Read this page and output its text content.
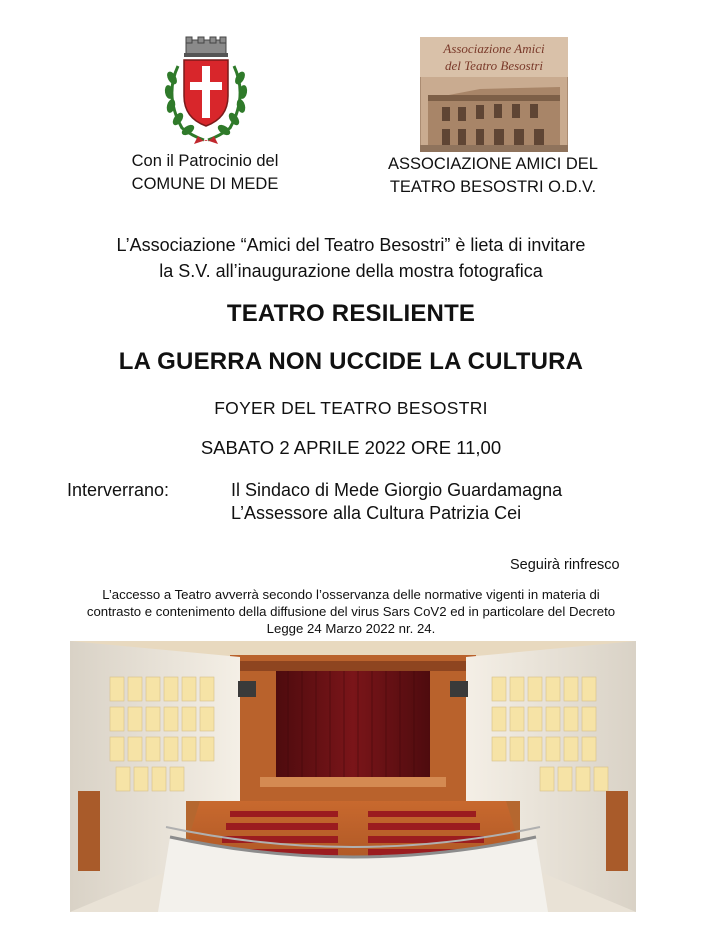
Associazione Amici
del Teatro Besostri
Con il Patrocinio del
COMUNE DI MEDE
ASSOCIAZIONE AMICI DEL
TEATRO BESOSTRI O.D.V.
L’Associazione “Amici del Teatro Besostri” è lieta di invitare
la S.V. all’inaugurazione della mostra fotografica
TEATRO RESILIENTE
LA GUERRA NON UCCIDE LA CULTURA
FOYER DEL TEATRO BESOSTRI
SABATO 2 APRILE 2022 ORE 11,00
Interverrano:	Il Sindaco di Mede Giorgio Guardamagna
L’Assessore alla Cultura Patrizia Cei
Seguirà rinfresco
L’accesso a Teatro avverrà secondo l’osservanza delle normative vigenti in materia di
contrasto e contenimento della diffusione del virus Sars CoV2 ed in particolare del Decreto
Legge 24 Marzo 2022 nr. 24.
